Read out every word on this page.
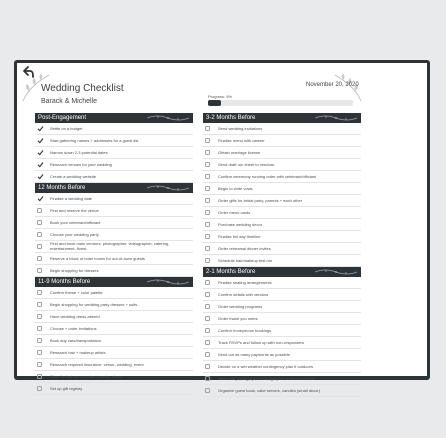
Wedding Checklist
Barack & Michelle
November 20, 2020
Progress: 9%
Post-Engagement
Settle on a budget
Start gathering names + addresses for a guest list
Narrow down 2-3 potential dates
Research venues for your wedding
Create a wedding website
12 Months Before
Finalize a wedding date
Find and reserve the venue
Book your celebrant/officiant
Choose your wedding party
Find and book main vendors: photographer, videographer, catering, entertainment, florist
Reserve a block of hotel rooms for out-of-town guests
Begin shopping for dresses
11-9 Months Before
Confirm theme + color palette
Begin shopping for wedding party dresses + suits
Have wedding dress altered
Choose + order invitations
Book any cars/transportation
Research hair + makeup artists
Research required insurance: venue, wedding, event
Shop for hair accessories, jewelry, shoes
Set up gift registry
3-2 Months Before
Send wedding invitations
Finalize menu with caterer
Obtain marriage license
Send draft run sheet to vendors
Confirm ceremony running order with celebrant/officiant
Begin to write vows
Order gifts for bridal party, parents + each other
Order menu cards
Purchase wedding decor
Finalize full day timeline
Order rehearsal dinner invites
Schedule hair/makeup test run
2-1 Months Before
Finalize seating arrangements
Confirm details with vendors
Order wedding programs
Order thank you notes
Confirm honeymoon bookings
Track RSVPs and follow up with non-responders
Send out as many payments as possible
Decide on a wet weather contingency plan if outdoors
Meet with photographer/videographer to discuss shots
Organize guest book, cake servers, candles (small decor)
